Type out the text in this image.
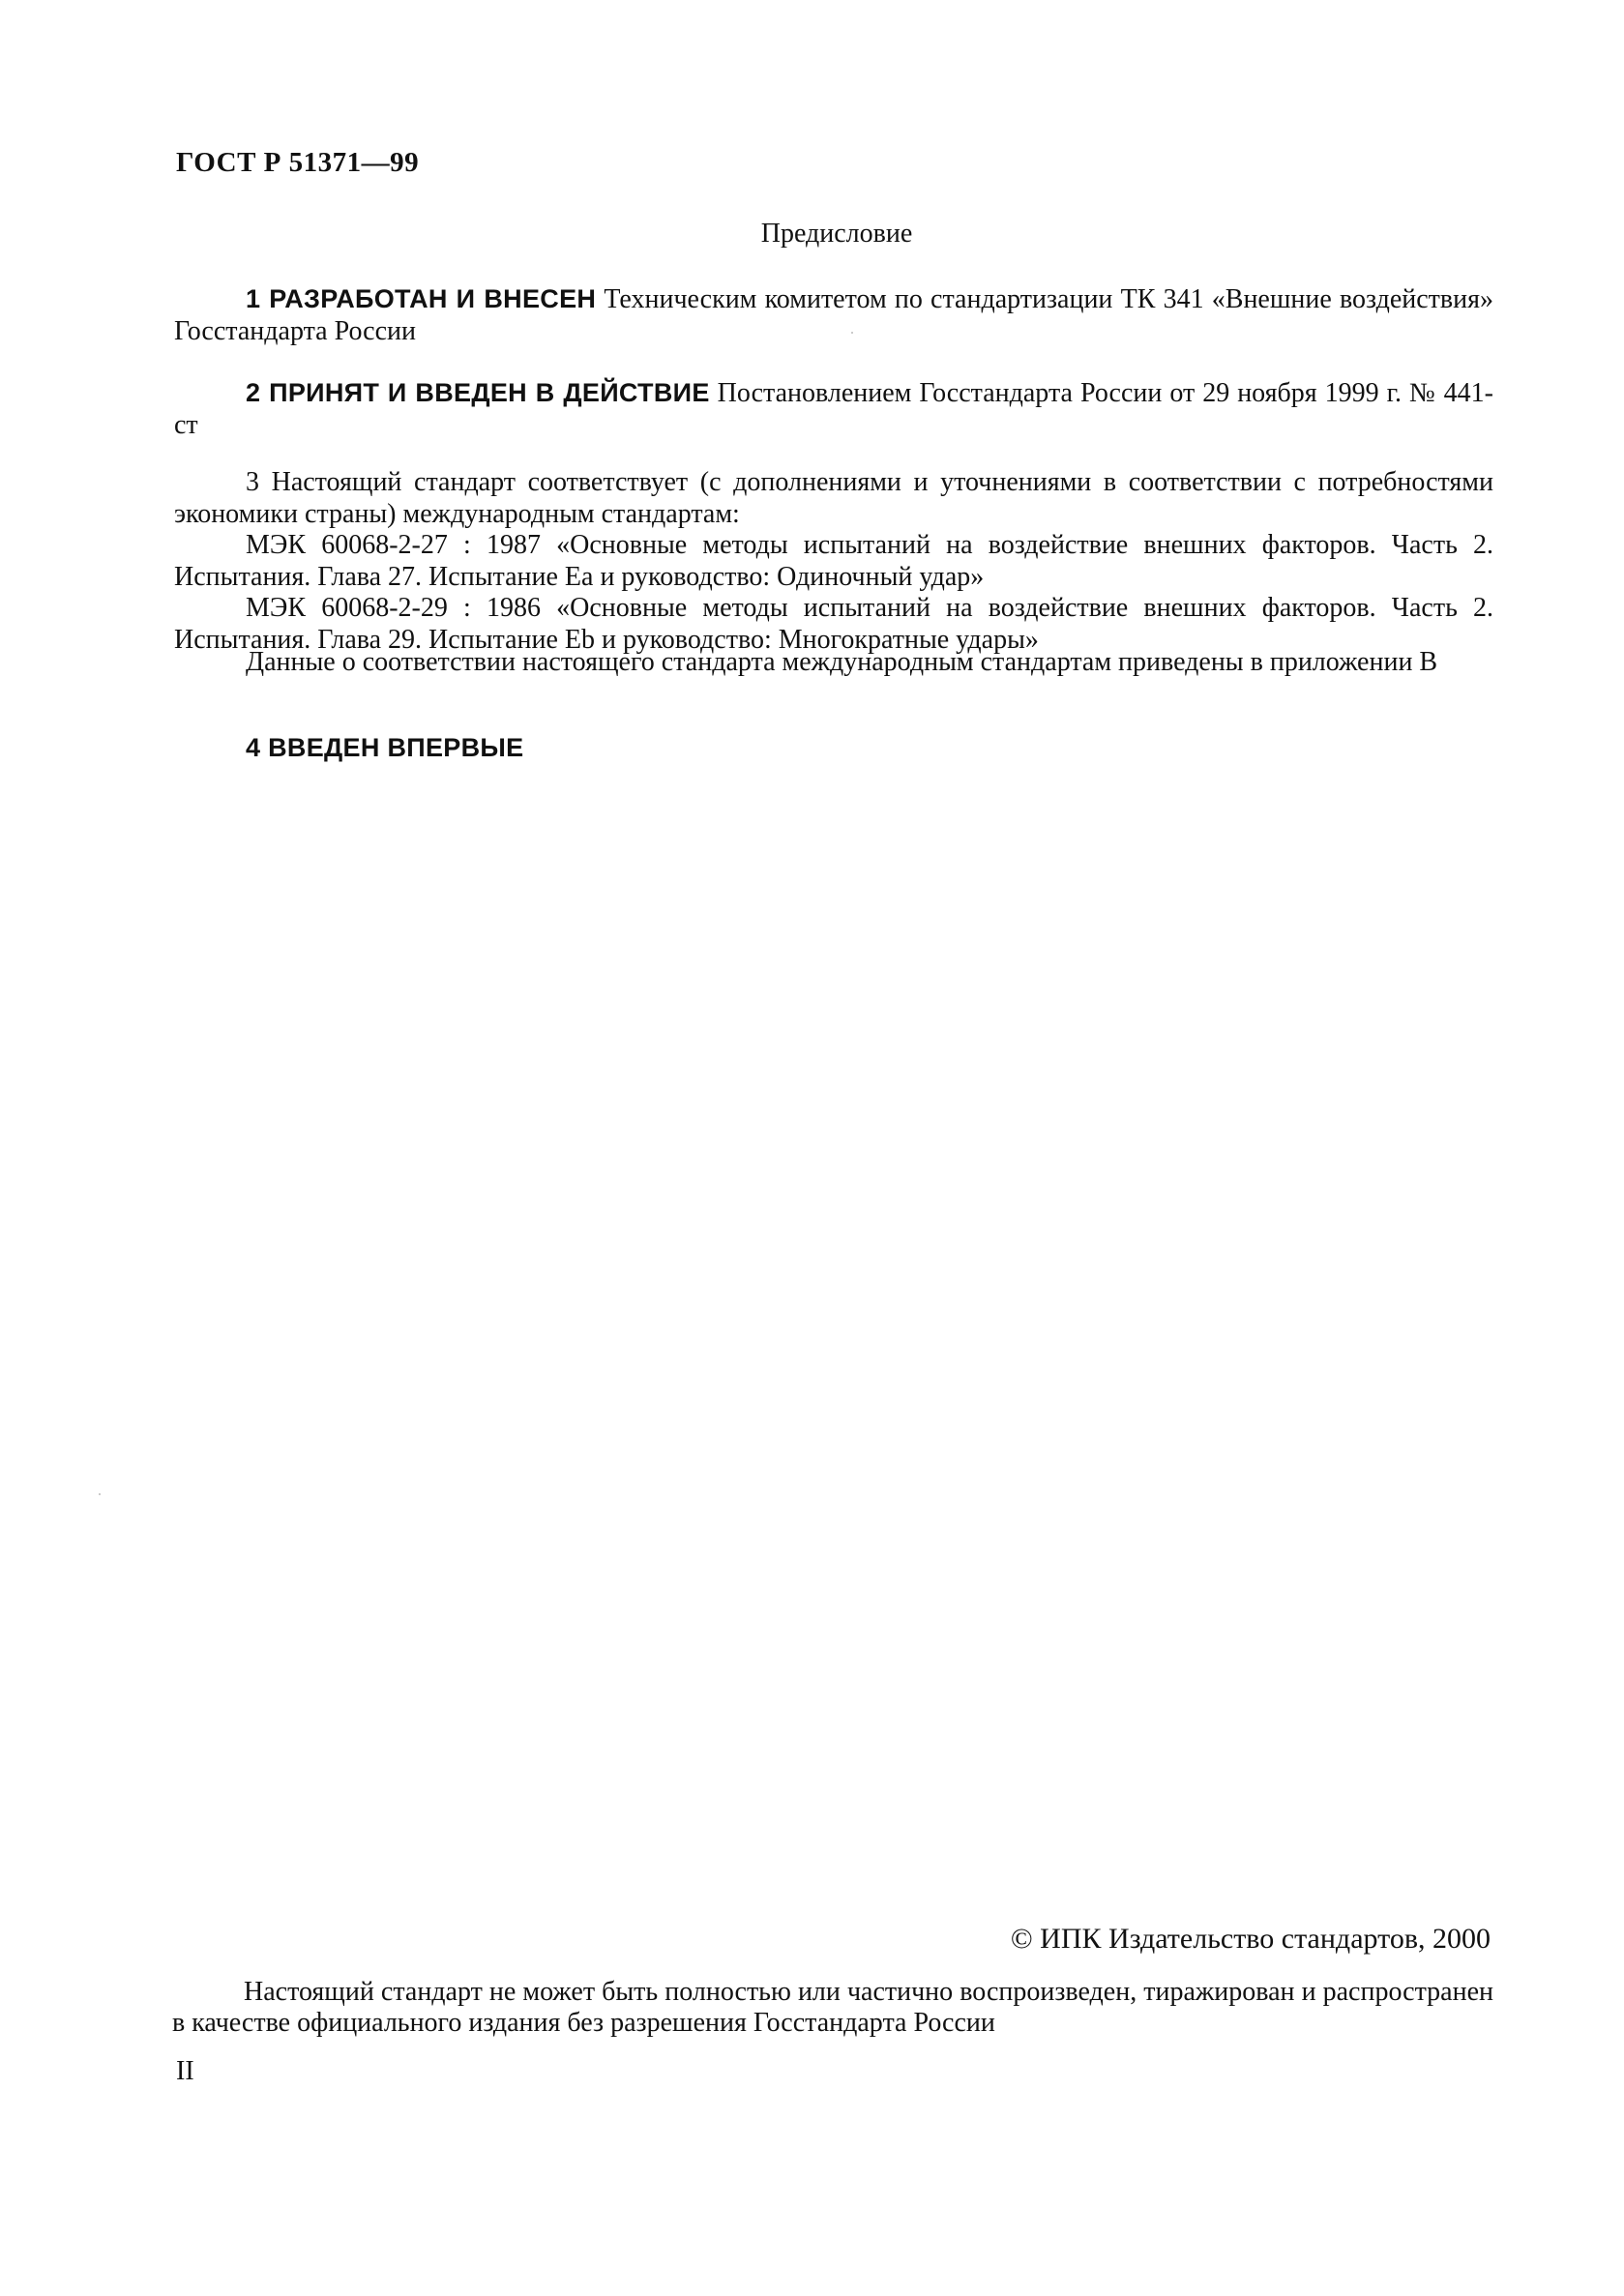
ГОСТ Р 51371—99
Предисловие
1 РАЗРАБОТАН И ВНЕСЕН Техническим комитетом по стандартизации ТК 341 «Внешние воздействия» Госстандарта России
2 ПРИНЯТ И ВВЕДЕН В ДЕЙСТВИЕ Постановлением Госстандарта России от 29 ноября 1999 г. № 441-ст
3 Настоящий стандарт соответствует (с дополнениями и уточнениями в соответствии с потребностями экономики страны) международным стандартам:
МЭК 60068-2-27 : 1987 «Основные методы испытаний на воздействие внешних факторов. Часть 2. Испытания. Глава 27. Испытание Еа и руководство: Одиночный удар»
МЭК 60068-2-29 : 1986 «Основные методы испытаний на воздействие внешних факторов. Часть 2. Испытания. Глава 29. Испытание Eb и руководство: Многократные удары»
Данные о соответствии настоящего стандарта международным стандартам приведены в приложении В
4 ВВЕДЕН ВПЕРВЫЕ
© ИПК Издательство стандартов, 2000
Настоящий стандарт не может быть полностью или частично воспроизведен, тиражирован и распространен в качестве официального издания без разрешения Госстандарта России
II
